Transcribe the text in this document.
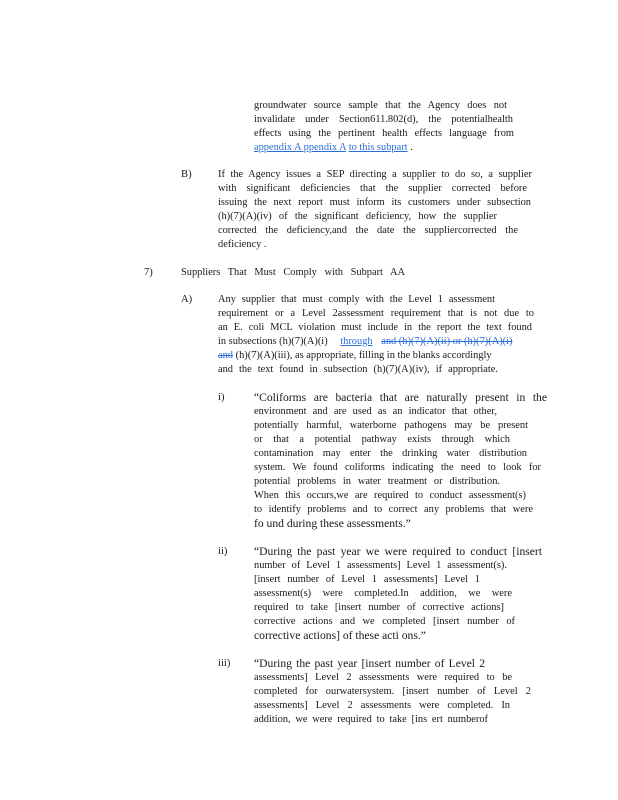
groundwater source sample that the Agency does not
invalidate under Section611.802(d), the potentialhealth
effects using the pertinent health effects language from
appendix A ppendix A to this subpart .
B)	If the Agency issues a SEP directing a supplier to do so, a supplier
with significant deficiencies that the supplier corrected before
issuing the next report must inform its customers under subsection
(h)(7)(A)(iv) of the significant deficiency, how the supplier
corrected the deficiency,and the date the suppliercorrected the
deficiency .
7)	Suppliers That Must Comply with Subpart AA
A) Any supplier that must comply with the Level 1 assessment
requirement or a Level 2assessment requirement that is not due to
an E. coli MCL violation must include in the report the text found
in subsections (h)(7)(A)(i) through and (h)(7)(A)(ii) or (h)(7)(A)(i)
and (h)(7)(A)(iii), as appropriate, filling in the blanks accordingly
and the text found in subsection (h)(7)(A)(iv), if appropriate.
i)	“Coliforms are bacteria that are naturally present in the
environment and are used as an indicator that other,
potentially harmful, waterborne pathogens may be present
or that a potential pathway exists through which
contamination may enter the drinking water distribution
system. We found coliforms indicating the need to look for
potential problems in water treatment or distribution.
When this occurs,we are required to conduct assessment(s)
to identify problems and to correct any problems that were
fo und during these assessments.”
ii) “During the past year we were required to conduct [insert
number of Level 1 assessments] Level 1 assessment(s).
[insert number of Level 1 assessments] Level 1
assessment(s) were completed.In addition, we were
required to take [insert number of corrective actions]
corrective actions and we completed [insert number of
corrective actions] of these acti ons.”
iii) “During the past year [insert number of Level 2
assessments] Level 2 assessments were required to be
completed for ourwatersystem. [insert number of Level 2
assessments] Level 2 assessments were completed. In
addition, we were required to take [ins ert numberof
